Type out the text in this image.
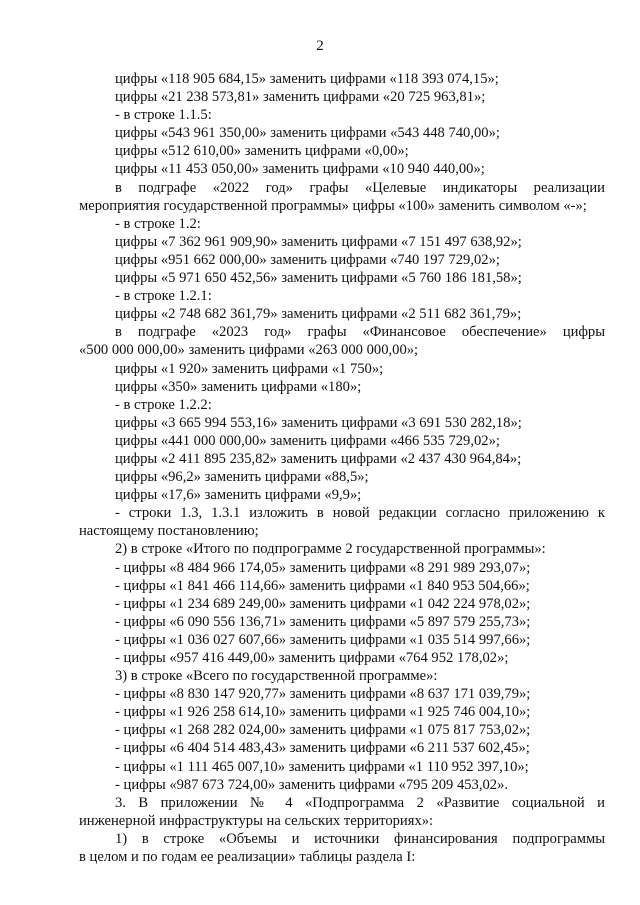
2
цифры «118 905 684,15» заменить цифрами «118 393 074,15»;
цифры «21 238 573,81» заменить цифрами «20 725 963,81»;
- в строке 1.1.5:
цифры «543 961 350,00» заменить цифрами «543 448 740,00»;
цифры «512 610,00» заменить цифрами «0,00»;
цифры «11 453 050,00» заменить цифрами «10 940 440,00»;
в подграфе «2022 год» графы «Целевые индикаторы реализации
мероприятия государственной программы» цифры «100» заменить символом «-»;
- в строке 1.2:
цифры «7 362 961 909,90» заменить цифрами «7 151 497 638,92»;
цифры «951 662 000,00» заменить цифрами «740 197 729,02»;
цифры «5 971 650 452,56» заменить цифрами «5 760 186 181,58»;
- в строке 1.2.1:
цифры «2 748 682 361,79» заменить цифрами «2 511 682 361,79»;
в подграфе «2023 год» графы «Финансовое обеспечение» цифры
«500 000 000,00» заменить цифрами «263 000 000,00»;
цифры «1 920» заменить цифрами «1 750»;
цифры «350» заменить цифрами «180»;
- в строке 1.2.2:
цифры «3 665 994 553,16» заменить цифрами «3 691 530 282,18»;
цифры «441 000 000,00» заменить цифрами «466 535 729,02»;
цифры «2 411 895 235,82» заменить цифрами «2 437 430 964,84»;
цифры «96,2» заменить цифрами «88,5»;
цифры «17,6» заменить цифрами «9,9»;
- строки 1.3, 1.3.1 изложить в новой редакции согласно приложению к
настоящему постановлению;
2) в строке «Итого по подпрограмме 2 государственной программы»:
- цифры «8 484 966 174,05» заменить цифрами «8 291 989 293,07»;
- цифры «1 841 466 114,66» заменить цифрами «1 840 953 504,66»;
- цифры «1 234 689 249,00» заменить цифрами «1 042 224 978,02»;
- цифры «6 090 556 136,71» заменить цифрами «5 897 579 255,73»;
- цифры «1 036 027 607,66» заменить цифрами «1 035 514 997,66»;
- цифры «957 416 449,00» заменить цифрами «764 952 178,02»;
3) в строке «Всего по государственной программе»:
- цифры «8 830 147 920,77» заменить цифрами «8 637 171 039,79»;
- цифры «1 926 258 614,10» заменить цифрами «1 925 746 004,10»;
- цифры «1 268 282 024,00» заменить цифрами «1 075 817 753,02»;
- цифры «6 404 514 483,43» заменить цифрами «6 211 537 602,45»;
- цифры «1 111 465 007,10» заменить цифрами «1 110 952 397,10»;
- цифры «987 673 724,00» заменить цифрами «795 209 453,02».
3. В приложении № 4 «Подпрограмма 2 «Развитие социальной и
инженерной инфраструктуры на сельских территориях»:
1) в строке «Объемы и источники финансирования подпрограммы
в целом и по годам ее реализации» таблицы раздела I:
